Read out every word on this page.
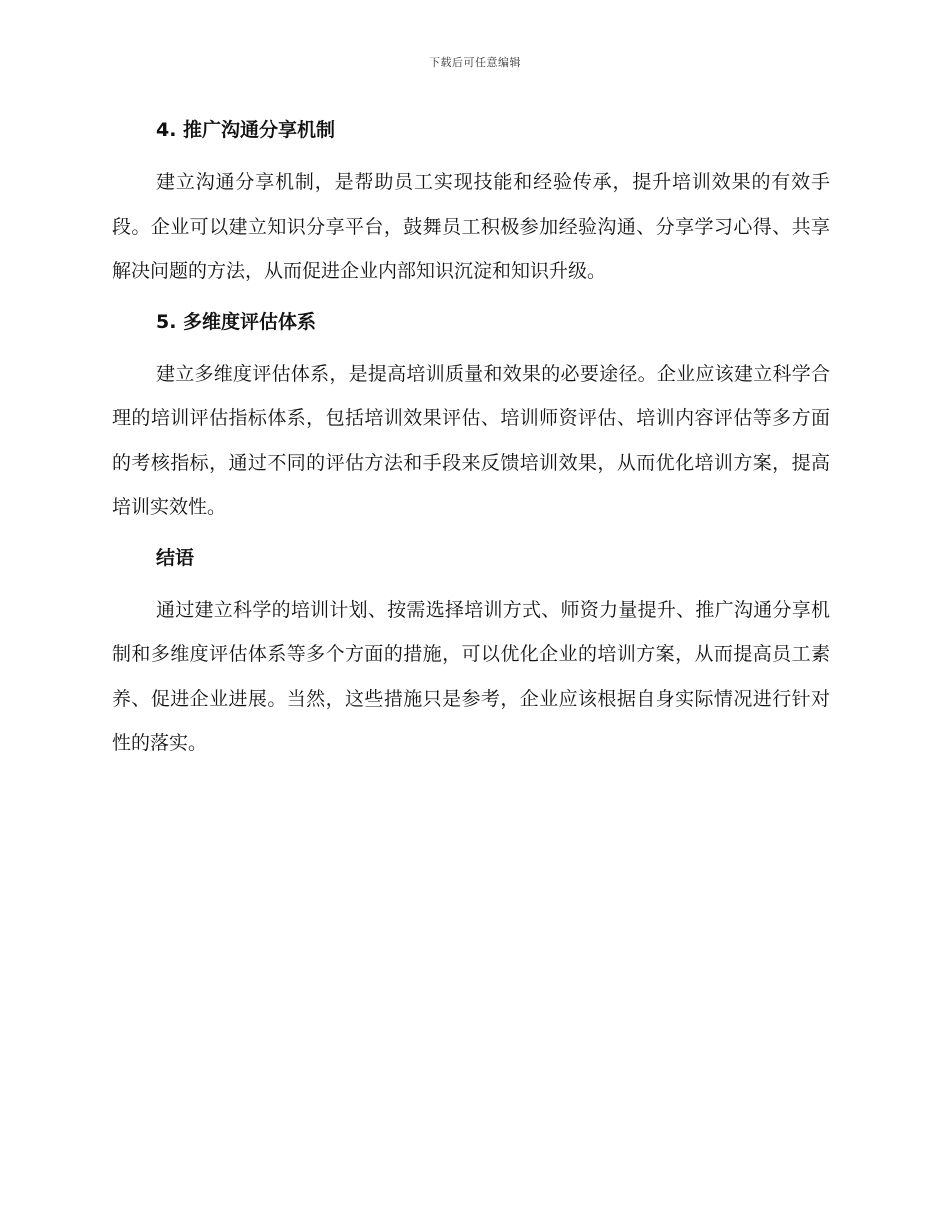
下载后可任意编辑
4. 推广沟通分享机制

建立沟通分享机制，是帮助员工实现技能和经验传承，提升培训效果的有效手段。企业可以建立知识分享平台，鼓舞员工积极参加经验沟通、分享学习心得、共享解决问题的方法，从而促进企业内部知识沉淀和知识升级。

5. 多维度评估体系

建立多维度评估体系，是提高培训质量和效果的必要途径。企业应该建立科学合理的培训评估指标体系，包括培训效果评估、培训师资评估、培训内容评估等多方面的考核指标，通过不同的评估方法和手段来反馈培训效果，从而优化培训方案，提高培训实效性。

结语

通过建立科学的培训计划、按需选择培训方式、师资力量提升、推广沟通分享机制和多维度评估体系等多个方面的措施，可以优化企业的培训方案，从而提高员工素养、促进企业进展。当然，这些措施只是参考，企业应该根据自身实际情况进行针对性的落实。
